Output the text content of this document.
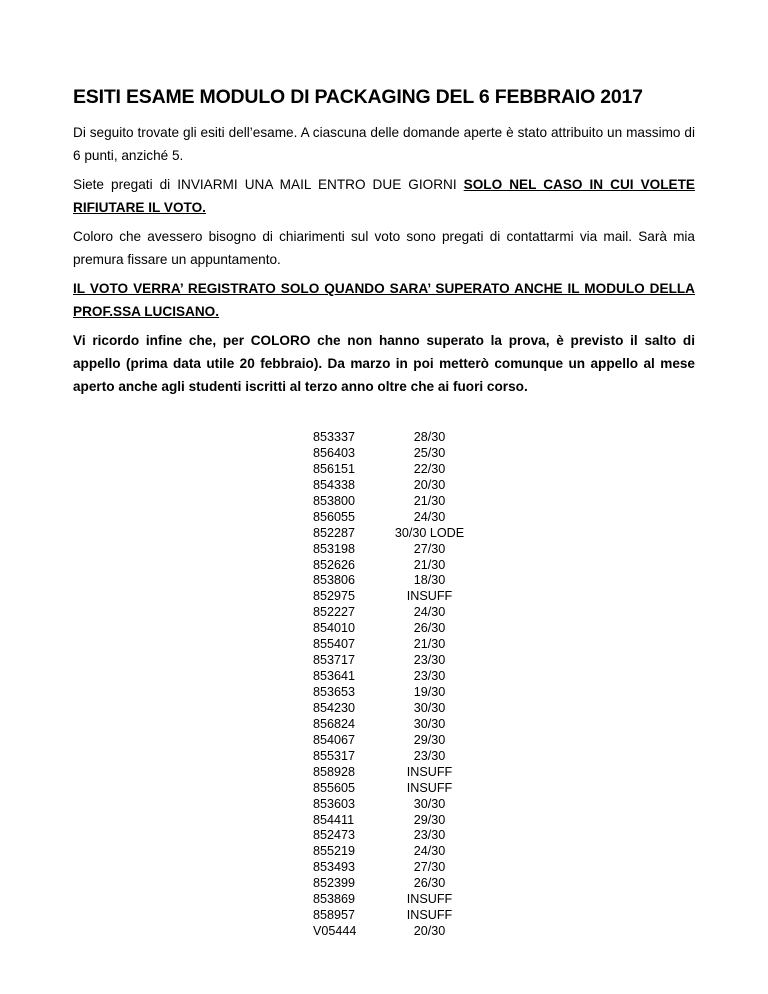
ESITI ESAME MODULO DI PACKAGING DEL 6 FEBBRAIO 2017
Di seguito trovate gli esiti dell’esame. A ciascuna delle domande aperte è stato attribuito un massimo di 6 punti, anziché 5.
Siete pregati di INVIARMI UNA MAIL ENTRO DUE GIORNI SOLO NEL CASO IN CUI VOLETE RIFIUTARE IL VOTO.
Coloro che avessero bisogno di chiarimenti sul voto sono pregati di contattarmi via mail. Sarà mia premura fissare un appuntamento.
IL VOTO VERRA’ REGISTRATO SOLO QUANDO SARA’ SUPERATO ANCHE IL MODULO DELLA PROF.SSA LUCISANO.
Vi ricordo infine che, per COLORO che non hanno superato la prova, è previsto il salto di appello (prima data utile 20 febbraio). Da marzo in poi metterò comunque un appello al mese aperto anche agli studenti iscritti al terzo anno oltre che ai fuori corso.
853337	28/30
856403	25/30
856151	22/30
854338	20/30
853800	21/30
856055	24/30
852287	30/30 LODE
853198	27/30
852626	21/30
853806	18/30
852975	INSUFF
852227	24/30
854010	26/30
855407	21/30
853717	23/30
853641	23/30
853653	19/30
854230	30/30
856824	30/30
854067	29/30
855317	23/30
858928	INSUFF
855605	INSUFF
853603	30/30
854411	29/30
852473	23/30
855219	24/30
853493	27/30
852399	26/30
853869	INSUFF
858957	INSUFF
V05444	20/30
